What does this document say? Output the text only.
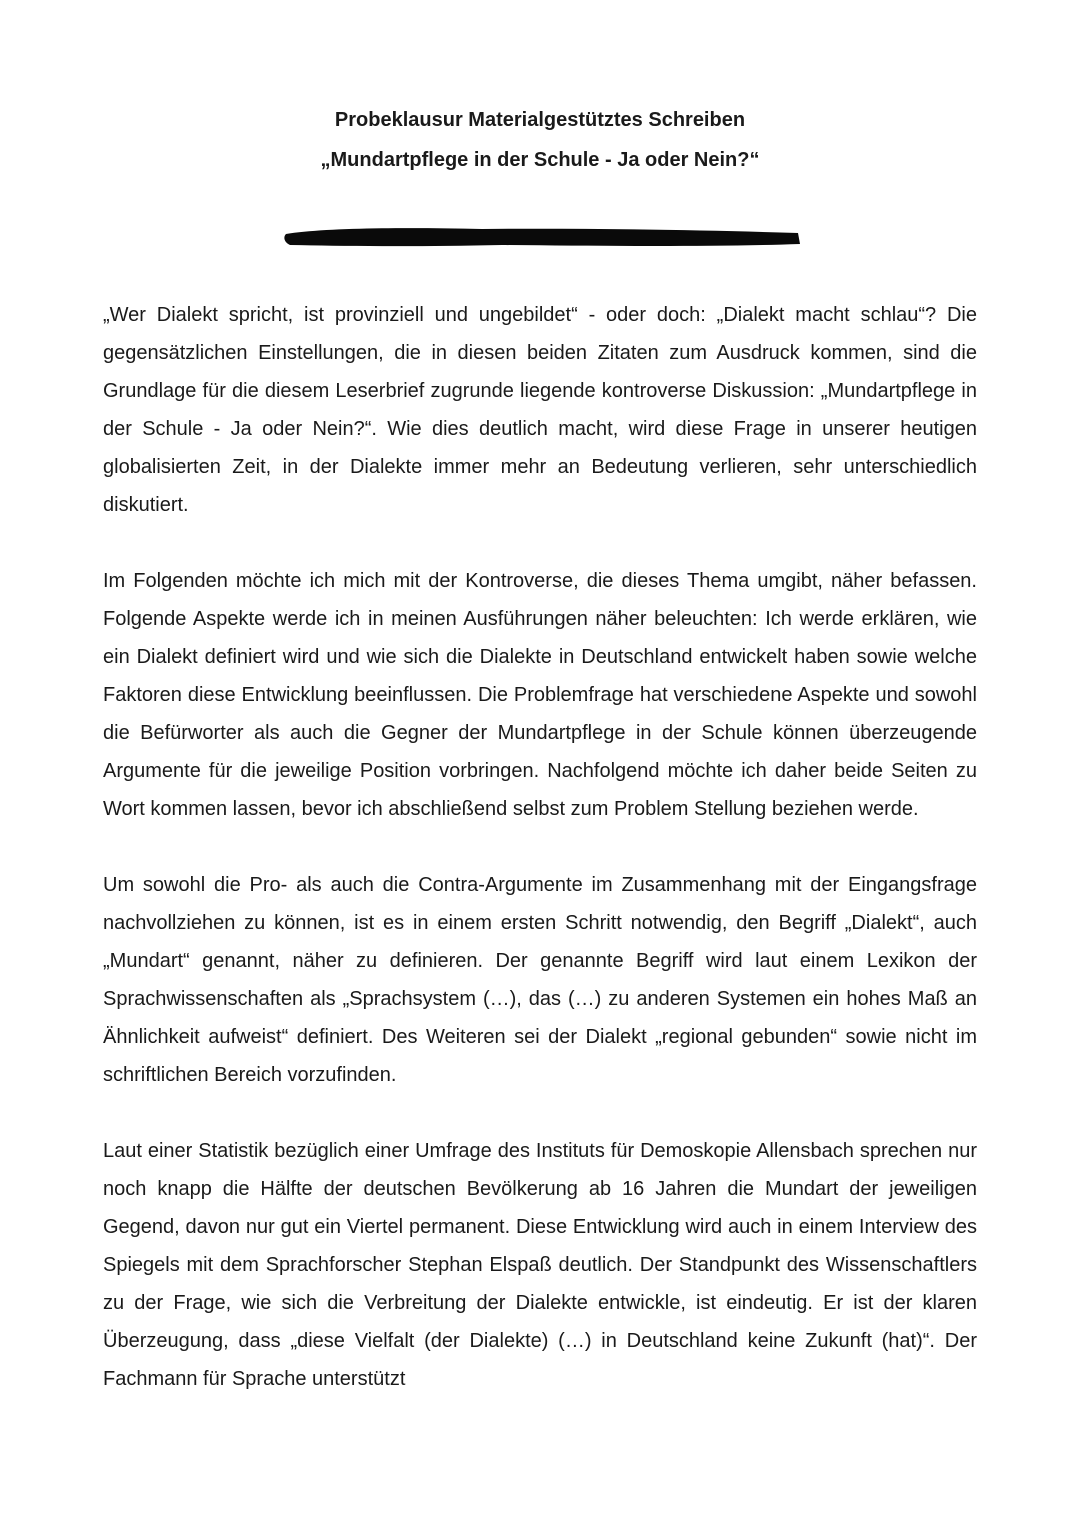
Probeklausur Materialgestütztes Schreiben

„Mundartpflege in der Schule - Ja oder Nein?“

„Wer Dialekt spricht, ist provinziell und ungebildet“ - oder doch: „Dialekt macht schlau“? Die gegensätzlichen Einstellungen, die in diesen beiden Zitaten zum Ausdruck kommen, sind die Grundlage für die diesem Leserbrief zugrunde liegende kontroverse Diskussion: „Mundartpflege in der Schule - Ja oder Nein?“. Wie dies deutlich macht, wird diese Frage in unserer heutigen globalisierten Zeit, in der Dialekte immer mehr an Bedeutung verlieren, sehr unterschiedlich diskutiert.

Im Folgenden möchte ich mich mit der Kontroverse, die dieses Thema umgibt, näher befassen. Folgende Aspekte werde ich in meinen Ausführungen näher beleuchten: Ich werde erklären, wie ein Dialekt definiert wird und wie sich die Dialekte in Deutschland entwickelt haben sowie welche Faktoren diese Entwicklung beeinflussen. Die Problemfrage hat verschiedene Aspekte und sowohl die Befürworter als auch die Gegner der Mundartpflege in der Schule können überzeugende Argumente für die jeweilige Position vorbringen. Nachfolgend möchte ich daher beide Seiten zu Wort kommen lassen, bevor ich abschließend selbst zum Problem Stellung beziehen werde.

Um sowohl die Pro- als auch die Contra-Argumente im Zusammenhang mit der Eingangsfrage nachvollziehen zu können, ist es in einem ersten Schritt notwendig, den Begriff „Dialekt“, auch „Mundart“ genannt, näher zu definieren. Der genannte Begriff wird laut einem Lexikon der Sprachwissenschaften als „Sprachsystem (…), das (…) zu anderen Systemen ein hohes Maß an Ähnlichkeit aufweist“ definiert. Des Weiteren sei der Dialekt „regional gebunden“ sowie nicht im schriftlichen Bereich vorzufinden.

Laut einer Statistik bezüglich einer Umfrage des Instituts für Demoskopie Allensbach sprechen nur noch knapp die Hälfte der deutschen Bevölkerung ab 16 Jahren die Mundart der jeweiligen Gegend, davon nur gut ein Viertel permanent. Diese Entwicklung wird auch in einem Interview des Spiegels mit dem Sprachforscher Stephan Elspaß deutlich. Der Standpunkt des Wissenschaftlers zu der Frage, wie sich die Verbreitung der Dialekte entwickle, ist eindeutig. Er ist der klaren Überzeugung, dass „diese Vielfalt (der Dialekte) (…) in Deutschland keine Zukunft (hat)“. Der Fachmann für Sprache unterstützt
